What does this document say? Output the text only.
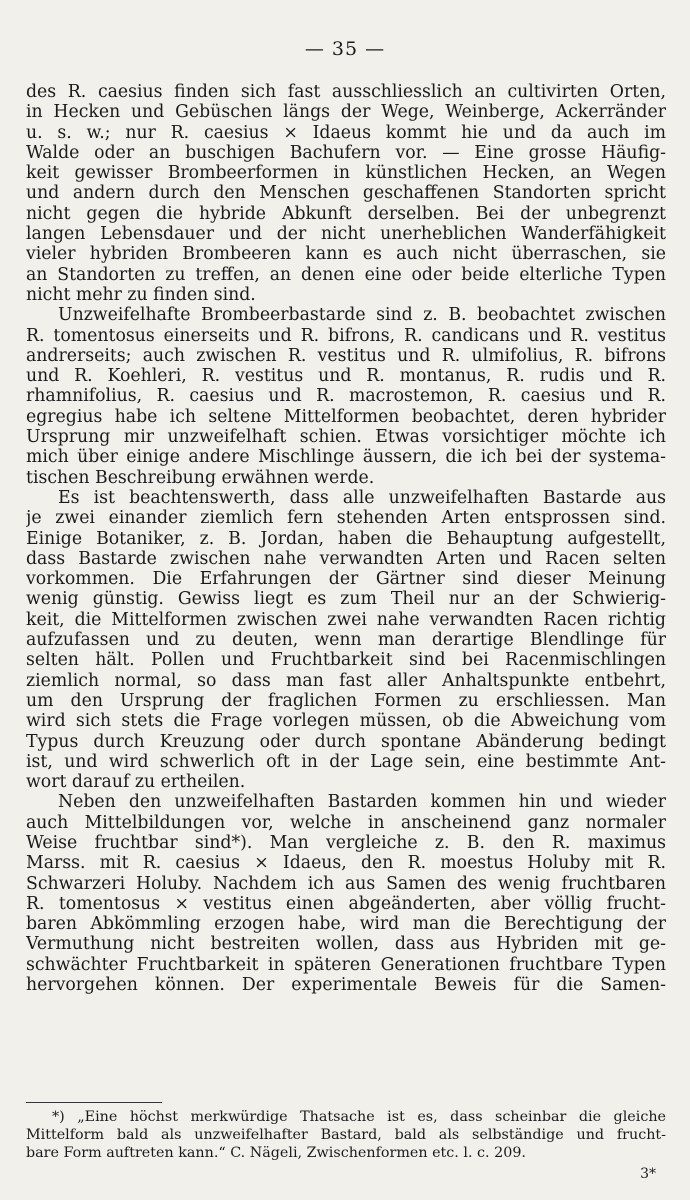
— 35 —
des R. caesius finden sich fast ausschliesslich an cultivirten Orten,
in Hecken und Gebüschen längs der Wege, Weinberge, Ackerränder
u. s. w.; nur R. caesius ⨯ Idaeus kommt hie und da auch im
Walde oder an buschigen Bachufern vor. — Eine grosse Häufig-
keit gewisser Brombeerformen in künstlichen Hecken, an Wegen
und andern durch den Menschen geschaffenen Standorten spricht
nicht gegen die hybride Abkunft derselben. Bei der unbegrenzt
langen Lebensdauer und der nicht unerheblichen Wanderfähigkeit
vieler hybriden Brombeeren kann es auch nicht überraschen, sie
an Standorten zu treffen, an denen eine oder beide elterliche Typen
nicht mehr zu finden sind.
Unzweifelhafte Brombeerbastarde sind z. B. beobachtet zwischen
R. tomentosus einerseits und R. bifrons, R. candicans und R. vestitus
andrerseits; auch zwischen R. vestitus und R. ulmifolius, R. bifrons
und R. Koehleri, R. vestitus und R. montanus, R. rudis und R.
rhamnifolius, R. caesius und R. macrostemon, R. caesius und R.
egregius habe ich seltene Mittelformen beobachtet, deren hybrider
Ursprung mir unzweifelhaft schien. Etwas vorsichtiger möchte ich
mich über einige andere Mischlinge äussern, die ich bei der systema-
tischen Beschreibung erwähnen werde.
Es ist beachtenswerth, dass alle unzweifelhaften Bastarde aus
je zwei einander ziemlich fern stehenden Arten entsprossen sind.
Einige Botaniker, z. B. Jordan, haben die Behauptung aufgestellt,
dass Bastarde zwischen nahe verwandten Arten und Racen selten
vorkommen. Die Erfahrungen der Gärtner sind dieser Meinung
wenig günstig. Gewiss liegt es zum Theil nur an der Schwierig-
keit, die Mittelformen zwischen zwei nahe verwandten Racen richtig
aufzufassen und zu deuten, wenn man derartige Blendlinge für
selten hält. Pollen und Fruchtbarkeit sind bei Racenmischlingen
ziemlich normal, so dass man fast aller Anhaltspunkte entbehrt,
um den Ursprung der fraglichen Formen zu erschliessen. Man
wird sich stets die Frage vorlegen müssen, ob die Abweichung vom
Typus durch Kreuzung oder durch spontane Abänderung bedingt
ist, und wird schwerlich oft in der Lage sein, eine bestimmte Ant-
wort darauf zu ertheilen.
Neben den unzweifelhaften Bastarden kommen hin und wieder
auch Mittelbildungen vor, welche in anscheinend ganz normaler
Weise fruchtbar sind*). Man vergleiche z. B. den R. maximus
Marss. mit R. caesius ⨯ Idaeus, den R. moestus Holuby mit R.
Schwarzeri Holuby. Nachdem ich aus Samen des wenig fruchtbaren
R. tomentosus ⨯ vestitus einen abgeänderten, aber völlig frucht-
baren Abkömmling erzogen habe, wird man die Berechtigung der
Vermuthung nicht bestreiten wollen, dass aus Hybriden mit ge-
schwächter Fruchtbarkeit in späteren Generationen fruchtbare Typen
hervorgehen können. Der experimentale Beweis für die Samen-
*) „Eine höchst merkwürdige Thatsache ist es, dass scheinbar die gleiche
Mittelform bald als unzweifelhafter Bastard, bald als selbständige und frucht-
bare Form auftreten kann.“ C. Nägeli, Zwischenformen etc. l. c. 209.
3*
